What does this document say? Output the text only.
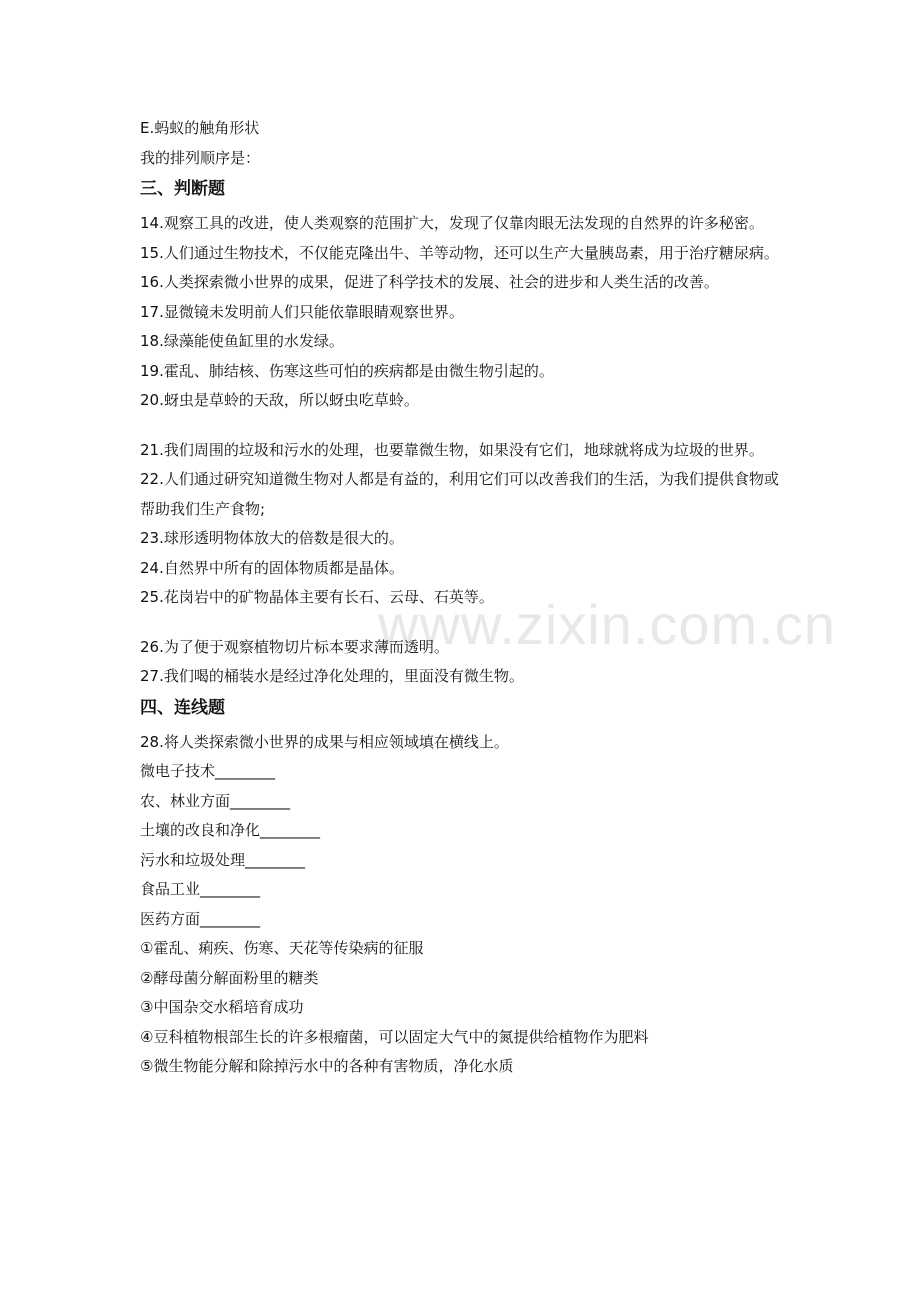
www.zixin.com.cn

E.蚂蚁的触角形状

我的排列顺序是：

三、判断题

14.观察工具的改进，使人类观察的范围扩大，发现了仅靠肉眼无法发现的自然界的许多秘密。

15.人们通过生物技术，不仅能克隆出牛、羊等动物，还可以生产大量胰岛素，用于治疗糖尿病。

16.人类探索微小世界的成果，促进了科学技术的发展、社会的进步和人类生活的改善。

17.显微镜未发明前人们只能依靠眼睛观察世界。

18.绿藻能使鱼缸里的水发绿。

19.霍乱、肺结核、伤寒这些可怕的疾病都是由微生物引起的。

20.蚜虫是草蛉的天敌，所以蚜虫吃草蛉。

21.我们周围的垃圾和污水的处理，也要靠微生物，如果没有它们，地球就将成为垃圾的世界。

22.人们通过研究知道微生物对人都是有益的，利用它们可以改善我们的生活，为我们提供食物或帮助我们生产食物;

23.球形透明物体放大的倍数是很大的。

24.自然界中所有的固体物质都是晶体。

25.花岗岩中的矿物晶体主要有长石、云母、石英等。

26.为了便于观察植物切片标本要求薄而透明。

27.我们喝的桶装水是经过净化处理的，里面没有微生物。

四、连线题

28.将人类探索微小世界的成果与相应领域填在横线上。

微电子技术________

农、林业方面________

土壤的改良和净化________

污水和垃圾处理________

食品工业________

医药方面________

①霍乱、痢疾、伤寒、天花等传染病的征服

②酵母菌分解面粉里的糖类

③中国杂交水稻培育成功

④豆科植物根部生长的许多根瘤菌，可以固定大气中的氮提供给植物作为肥料

⑤微生物能分解和除掉污水中的各种有害物质，净化水质
